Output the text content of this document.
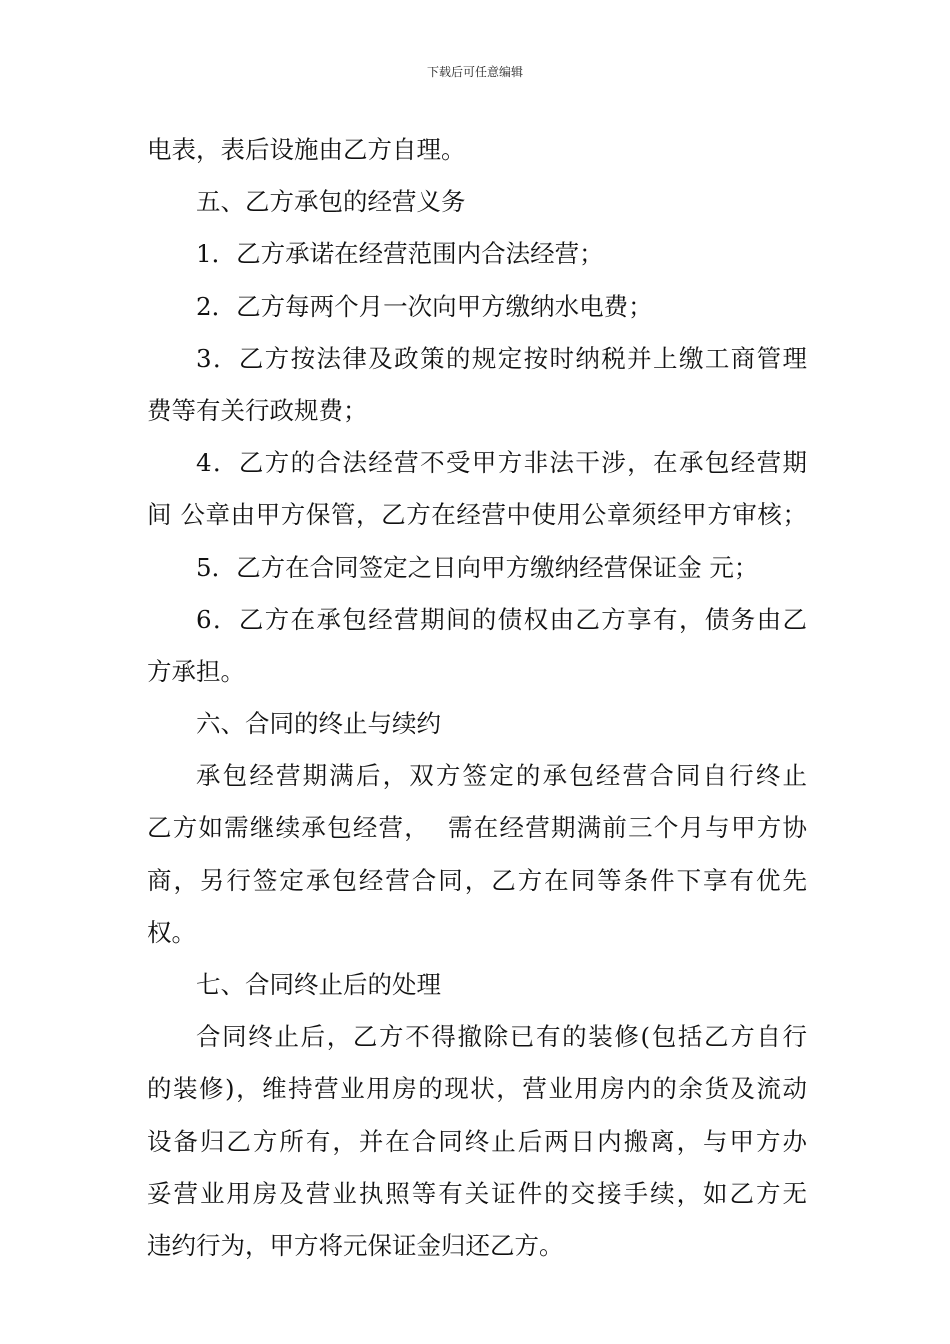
下载后可任意编辑
电表，表后设施由乙方自理。
五、乙方承包的经营义务
1．乙方承诺在经营范围内合法经营；
2．乙方每两个月一次向甲方缴纳水电费；
3．乙方按法律及政策的规定按时纳税并上缴工商管理
费等有关行政规费；
4．乙方的合法经营不受甲方非法干涉，在承包经营期
间 公章由甲方保管，乙方在经营中使用公章须经甲方审核；
5．乙方在合同签定之日向甲方缴纳经营保证金 元；
6．乙方在承包经营期间的债权由乙方享有，债务由乙
方承担。
六、合同的终止与续约
承包经营期满后，双方签定的承包经营合同自行终止
乙方如需继续承包经营，  需在经营期满前三个月与甲方协
商，另行签定承包经营合同，乙方在同等条件下享有优先
权。
七、合同终止后的处理
合同终止后，乙方不得撤除已有的装修(包括乙方自行
的装修)，维持营业用房的现状，营业用房内的余货及流动
设备归乙方所有，并在合同终止后两日内搬离，与甲方办
妥营业用房及营业执照等有关证件的交接手续，如乙方无
违约行为，甲方将元保证金归还乙方。
